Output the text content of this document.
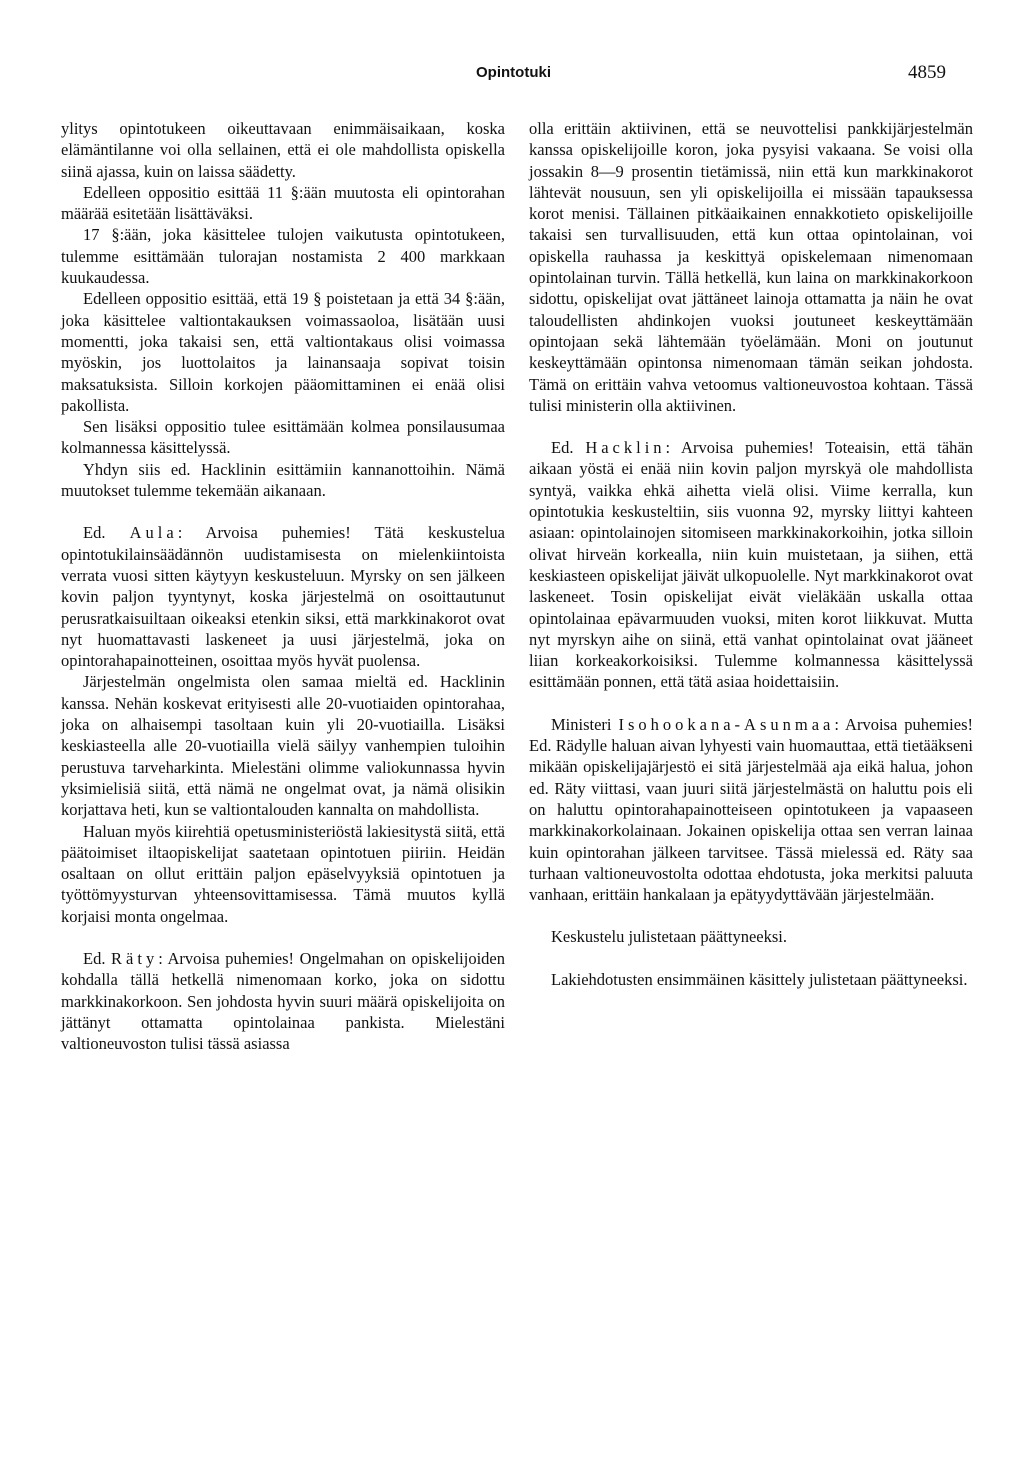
Opintotuki	4859

ylitys opintotukeen oikeuttavaan enimmäisaikaan, koska elämäntilanne voi olla sellainen, että ei ole mahdollista opiskella siinä ajassa, kuin on laissa säädetty.

Edelleen oppositio esittää 11 §:ään muutosta eli opintorahan määrää esitetään lisättäväksi.

17 §:ään, joka käsittelee tulojen vaikutusta opintotukeen, tulemme esittämään tulorajan nostamista 2 400 markkaan kuukaudessa.

Edelleen oppositio esittää, että 19 § poistetaan ja että 34 §:ään, joka käsittelee valtiontakauksen voimassaoloa, lisätään uusi momentti, joka takaisi sen, että valtiontakaus olisi voimassa myöskin, jos luottolaitos ja lainansaaja sopivat toisin maksatuksista. Silloin korkojen pääomittaminen ei enää olisi pakollista.

Sen lisäksi oppositio tulee esittämään kolmea ponsilausumaa kolmannessa käsittelyssä.

Yhdyn siis ed. Hacklinin esittämiin kannanottoihin. Nämä muutokset tulemme tekemään aikanaan.

Ed. Aula: Arvoisa puhemies! Tätä keskustelua opintotukilainsäädännön uudistamisesta on mielenkiintoista verrata vuosi sitten käytyyn keskusteluun. Myrsky on sen jälkeen kovin paljon tyyntynyt, koska järjestelmä on osoittautunut perusratkaisuiltaan oikeaksi etenkin siksi, että markkinakorot ovat nyt huomattavasti laskeneet ja uusi järjestelmä, joka on opintorahapainotteinen, osoittaa myös hyvät puolensa.

Järjestelmän ongelmista olen samaa mieltä ed. Hacklinin kanssa. Nehän koskevat erityisesti alle 20-vuotiaiden opintorahaa, joka on alhaisempi tasoltaan kuin yli 20-vuotiailla. Lisäksi keskiasteella alle 20-vuotiailla vielä säilyy vanhempien tuloihin perustuva tarveharkinta. Mielestäni olimme valiokunnassa hyvin yksimielisiä siitä, että nämä ne ongelmat ovat, ja nämä olisikin korjattava heti, kun se valtiontalouden kannalta on mahdollista.

Haluan myös kiirehtiä opetusministeriöstä lakiesitystä siitä, että päätoimiset iltaopiskelijat saatetaan opintotuen piiriin. Heidän osaltaan on ollut erittäin paljon epäselvyyksiä opintotuen ja työttömyysturvan yhteensovittamisessa. Tämä muutos kyllä korjaisi monta ongelmaa.

Ed. Räty: Arvoisa puhemies! Ongelmahan on opiskelijoiden kohdalla tällä hetkellä nimenomaan korko, joka on sidottu markkinakorkoon. Sen johdosta hyvin suuri määrä opiskelijoita on jättänyt ottamatta opintolainaa pankista. Mielestäni valtioneuvoston tulisi tässä asiassa

olla erittäin aktiivinen, että se neuvottelisi pankkijärjestelmän kanssa opiskelijoille koron, joka pysyisi vakaana. Se voisi olla jossakin 8—9 prosentin tietämissä, niin että kun markkinakorot lähtevät nousuun, sen yli opiskelijoilla ei missään tapauksessa korot menisi. Tällainen pitkäaikainen ennakkotieto opiskelijoille takaisi sen turvallisuuden, että kun ottaa opintolainan, voi opiskella rauhassa ja keskittyä opiskelemaan nimenomaan opintolainan turvin. Tällä hetkellä, kun laina on markkinakorkoon sidottu, opiskelijat ovat jättäneet lainoja ottamatta ja näin he ovat taloudellisten ahdinkojen vuoksi joutuneet keskeyttämään opintojaan sekä lähtemään työelämään. Moni on joutunut keskeyttämään opintonsa nimenomaan tämän seikan johdosta. Tämä on erittäin vahva vetoomus valtioneuvostoa kohtaan. Tässä tulisi ministerin olla aktiivinen.

Ed. Hacklin: Arvoisa puhemies! Toteaisin, että tähän aikaan yöstä ei enää niin kovin paljon myrskyä ole mahdollista syntyä, vaikka ehkä aihetta vielä olisi. Viime kerralla, kun opintotukia keskusteltiin, siis vuonna 92, myrsky liittyi kahteen asiaan: opintolainojen sitomiseen markkinakorkoihin, jotka silloin olivat hirveän korkealla, niin kuin muistetaan, ja siihen, että keskiasteen opiskelijat jäivät ulkopuolelle. Nyt markkinakorot ovat laskeneet. Tosin opiskelijat eivät vieläkään uskalla ottaa opintolainaa epävarmuuden vuoksi, miten korot liikkuvat. Mutta nyt myrskyn aihe on siinä, että vanhat opintolainat ovat jääneet liian korkeakorkoisiksi. Tulemme kolmannessa käsittelyssä esittämään ponnen, että tätä asiaa hoidettaisiin.

Ministeri Isohookana-Asunmaa: Arvoisa puhemies! Ed. Rädylle haluan aivan lyhyesti vain huomauttaa, että tietääkseni mikään opiskelijajärjestö ei sitä järjestelmää aja eikä halua, johon ed. Räty viittasi, vaan juuri siitä järjestelmästä on haluttu pois eli on haluttu opintorahapainotteiseen opintotukeen ja vapaaseen markkinakorkolainaan. Jokainen opiskelija ottaa sen verran lainaa kuin opintorahan jälkeen tarvitsee. Tässä mielessä ed. Räty saa turhaan valtioneuvostolta odottaa ehdotusta, joka merkitsi paluuta vanhaan, erittäin hankalaan ja epätyydyttävään järjestelmään.

Keskustelu julistetaan päättyneeksi.

Lakiehdotusten ensimmäinen käsittely julistetaan päättyneeksi.
